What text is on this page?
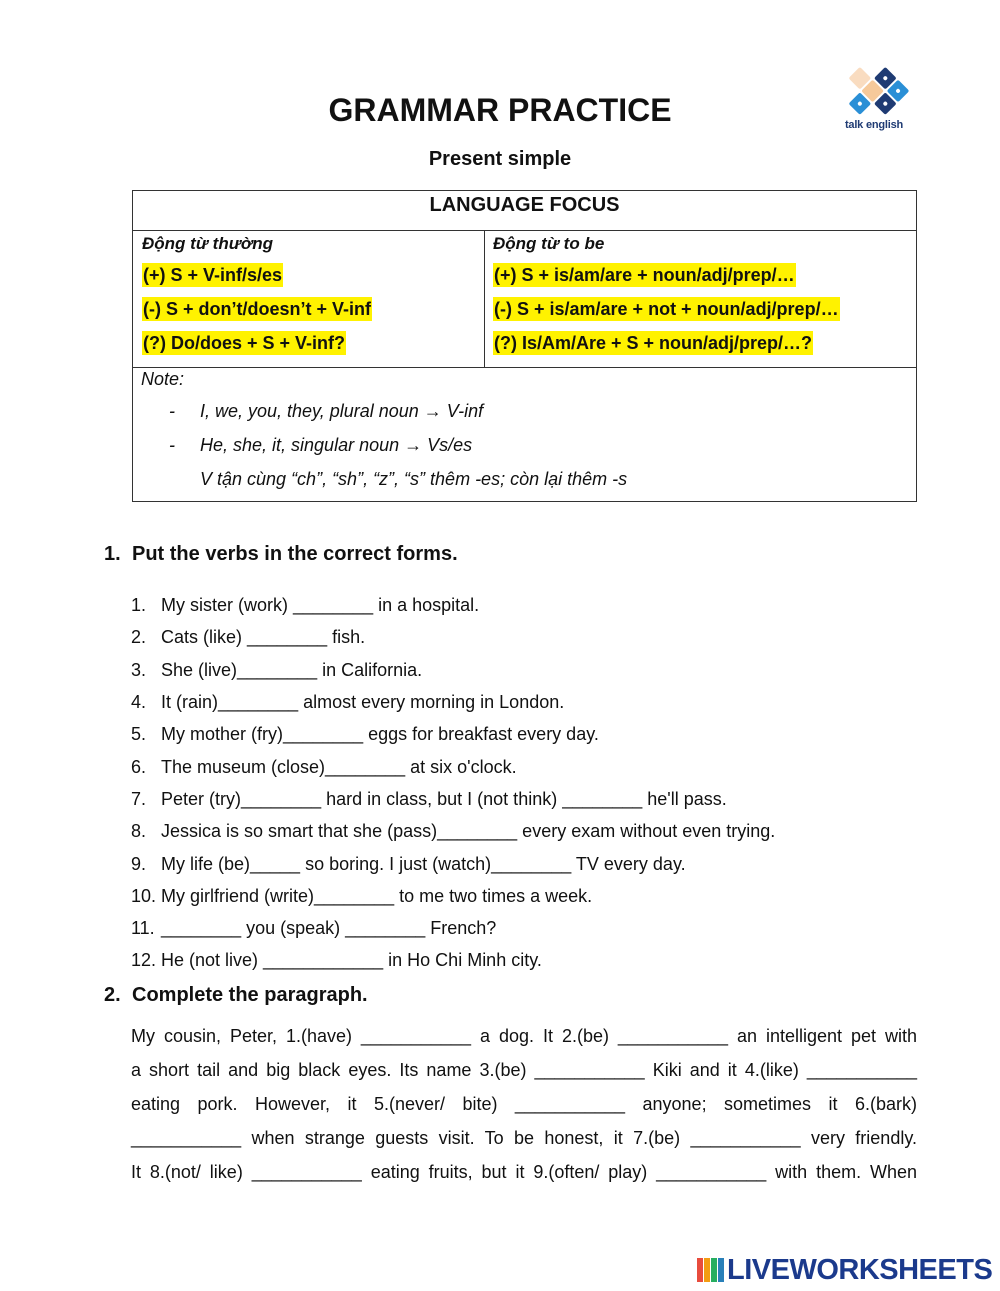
talk english
GRAMMAR PRACTICE
Present simple
LANGUAGE FOCUS
Động từ thường
(+) S + V-inf/s/es
(-) S + don’t/doesn’t + V-inf
(?) Do/does + S + V-inf?
Động từ to be
(+) S + is/am/are + noun/adj/prep/…
(-) S + is/am/are + not + noun/adj/prep/…
(?) Is/Am/Are + S + noun/adj/prep/…?
Note:
- I, we, you, they, plural noun → V-inf
- He, she, it, singular noun → Vs/es
V tận cùng “ch”, “sh”, “z”, “s” thêm -es; còn lại thêm -s
1. Put the verbs in the correct forms.
1. My sister (work) ________ in a hospital.
2. Cats (like) ________ fish.
3. She (live)________ in California.
4. It (rain)________ almost every morning in London.
5. My mother (fry)________ eggs for breakfast every day.
6. The museum (close)________ at six o'clock.
7. Peter (try)________ hard in class, but I (not think) ________ he'll pass.
8. Jessica is so smart that she (pass)________ every exam without even trying.
9. My life (be)_____ so boring. I just (watch)________ TV every day.
10. My girlfriend (write)________ to me two times a week.
11. ________ you (speak) ________ French?
12. He (not live) ____________ in Ho Chi Minh city.
2. Complete the paragraph.
My cousin, Peter, 1.(have) ___________ a dog. It 2.(be) ___________ an intelligent pet with
a short tail and big black eyes. Its name 3.(be) ___________ Kiki and it 4.(like) ___________
eating pork. However, it 5.(never/ bite) ___________ anyone; sometimes it 6.(bark)
___________ when strange guests visit. To be honest, it 7.(be) ___________ very friendly.
It 8.(not/ like) ___________ eating fruits, but it 9.(often/ play) ___________ with them. When
LIVEWORKSHEETS
